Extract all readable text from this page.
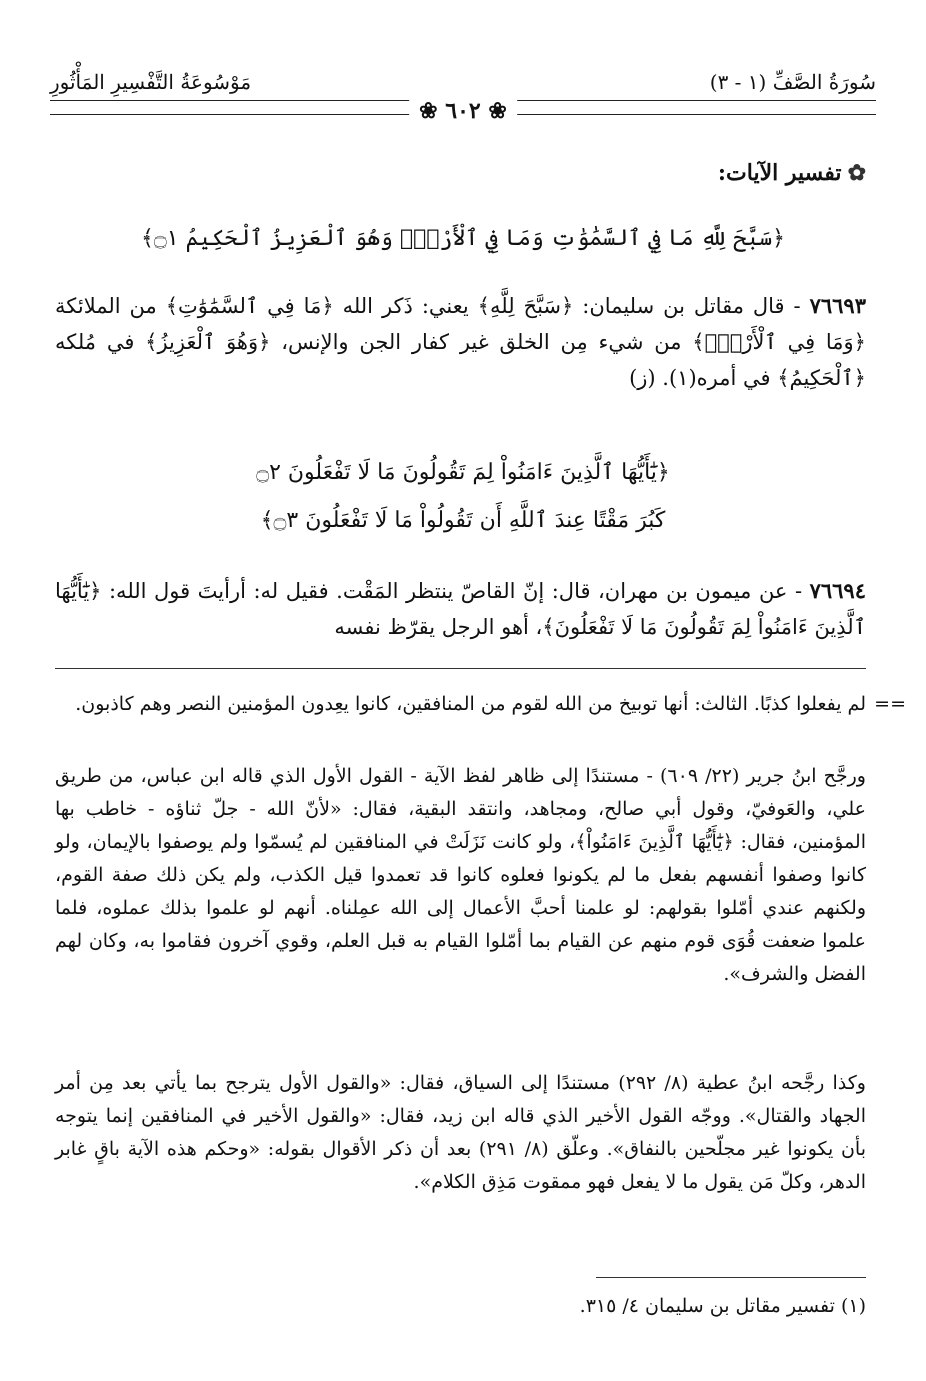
سُورَةُ الصَّفِّ (١ - ٣)
مَوْسُوعَةُ التَّفْسِيرِ المَأْثُورِ
❀ ٦٠٢ ❀
✿تفسير الآيات:
﴿سَبَّحَ لِلَّهِ مَا فِي ٱلسَّمَٰوَٰتِ وَمَا فِي ٱلْأَرْضِۖ وَهُوَ ٱلْعَزِيزُ ٱلْحَكِيمُ ۝١﴾
٧٦٦٩٣ - قال مقاتل بن سليمان: ﴿سَبَّحَ لِلَّهِ﴾ يعني: ذَكر الله ﴿مَا فِي ٱلسَّمَٰوَٰتِ﴾ من الملائكة ﴿وَمَا فِي ٱلْأَرْضِۖ﴾ من شيء مِن الخلق غير كفار الجن والإنس، ﴿وَهُوَ ٱلْعَزِيزُ﴾ في مُلكه ﴿ٱلْحَكِيمُ﴾ في أمره(١). (ز)
﴿يَٰٓأَيُّهَا ٱلَّذِينَ ءَامَنُواْ لِمَ تَقُولُونَ مَا لَا تَفْعَلُونَ ۝٢
كَبُرَ مَقْتًا عِندَ ٱللَّهِ أَن تَقُولُواْ مَا لَا تَفْعَلُونَ ۝٣﴾
٧٦٦٩٤ - عن ميمون بن مهران، قال: إنّ القاصّ ينتظر المَقْت. فقيل له: أرأيتَ قول الله: ﴿يَٰٓأَيُّهَا ٱلَّذِينَ ءَامَنُواْ لِمَ تَقُولُونَ مَا لَا تَفْعَلُونَ﴾، أهو الرجل يقرّظ نفسه
==
لم يفعلوا كذبًا. الثالث: أنها توبيخ من الله لقوم من المنافقين، كانوا يعِدون المؤمنين النصر وهم كاذبون.
ورجَّح ابنُ جرير (٢٢/ ٦٠٩) - مستندًا إلى ظاهر لفظ الآية - القول الأول الذي قاله ابن عباس، من طريق علي، والعَوفيّ، وقول أبي صالح، ومجاهد، وانتقد البقية، فقال: «لأنّ الله - جلّ ثناؤه - خاطب بها المؤمنين، فقال: ﴿يَٰٓأَيُّهَا ٱلَّذِينَ ءَامَنُواْ﴾، ولو كانت نَزَلَتْ في المنافقين لم يُسمّوا ولم يوصفوا بالإيمان، ولو كانوا وصفوا أنفسهم بفعل ما لم يكونوا فعلوه كانوا قد تعمدوا قيل الكذب، ولم يكن ذلك صفة القوم، ولكنهم عندي أمّلوا بقولهم: لو علمنا أحبَّ الأعمال إلى الله عمِلناه. أنهم لو علموا بذلك عملوه، فلما علموا ضعفت قُوَى قوم منهم عن القيام بما أمّلوا القيام به قبل العلم، وقوي آخرون فقاموا به، وكان لهم الفضل والشرف».
وكذا رجَّحه ابنُ عطية (٨/ ٢٩٢) مستندًا إلى السياق، فقال: «والقول الأول يترجح بما يأتي بعد مِن أمر الجهاد والقتال». ووجّه القول الأخير الذي قاله ابن زيد، فقال: «والقول الأخير في المنافقين إنما يتوجه بأن يكونوا غير مجلّحين بالنفاق». وعلّق (٨/ ٢٩١) بعد أن ذكر الأقوال بقوله: «وحكم هذه الآية باقٍ غابر الدهر، وكلّ مَن يقول ما لا يفعل فهو ممقوت مَذِق الكلام».
(١) تفسير مقاتل بن سليمان ٤/ ٣١٥.
